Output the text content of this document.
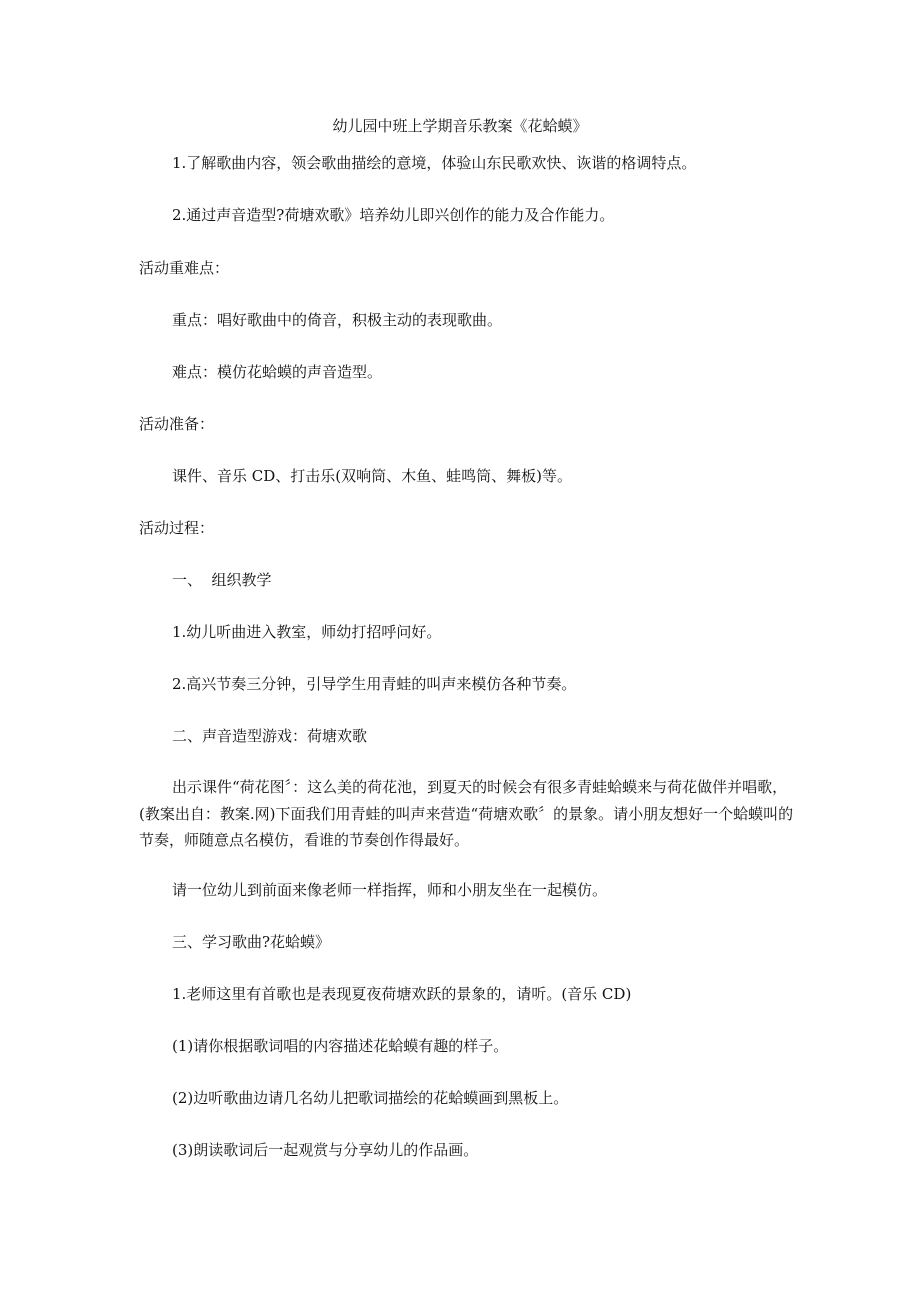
幼儿园中班上学期音乐教案《花蛤蟆》
1.了解歌曲内容，领会歌曲描绘的意境，体验山东民歌欢快、诙谐的格调特点。
2.通过声音造型?荷塘欢歌》培养幼儿即兴创作的能力及合作能力。
活动重难点：
重点：唱好歌曲中的倚音，积极主动的表现歌曲。
难点：模仿花蛤蟆的声音造型。
活动准备：
课件、音乐 CD、打击乐(双响筒、木鱼、蛙鸣筒、舞板)等。
活动过程：
一、  组织教学
1.幼儿听曲进入教室，师幼打招呼问好。
2.高兴节奏三分钟，引导学生用青蛙的叫声来模仿各种节奏。
二、声音造型游戏：荷塘欢歌
出示课件“荷花图〞：这么美的荷花池，到夏天的时候会有很多青蛙蛤蟆来与荷花做伴并唱歌，(教案出自：教案.网)下面我们用青蛙的叫声来营造“荷塘欢歌〞的景象。请小朋友想好一个蛤蟆叫的节奏，师随意点名模仿，看谁的节奏创作得最好。
请一位幼儿到前面来像老师一样指挥，师和小朋友坐在一起模仿。
三、学习歌曲?花蛤蟆》
1.老师这里有首歌也是表现夏夜荷塘欢跃的景象的，请听。(音乐 CD)
(1)请你根据歌词唱的内容描述花蛤蟆有趣的样子。
(2)边听歌曲边请几名幼儿把歌词描绘的花蛤蟆画到黑板上。
(3)朗读歌词后一起观赏与分享幼儿的作品画。
